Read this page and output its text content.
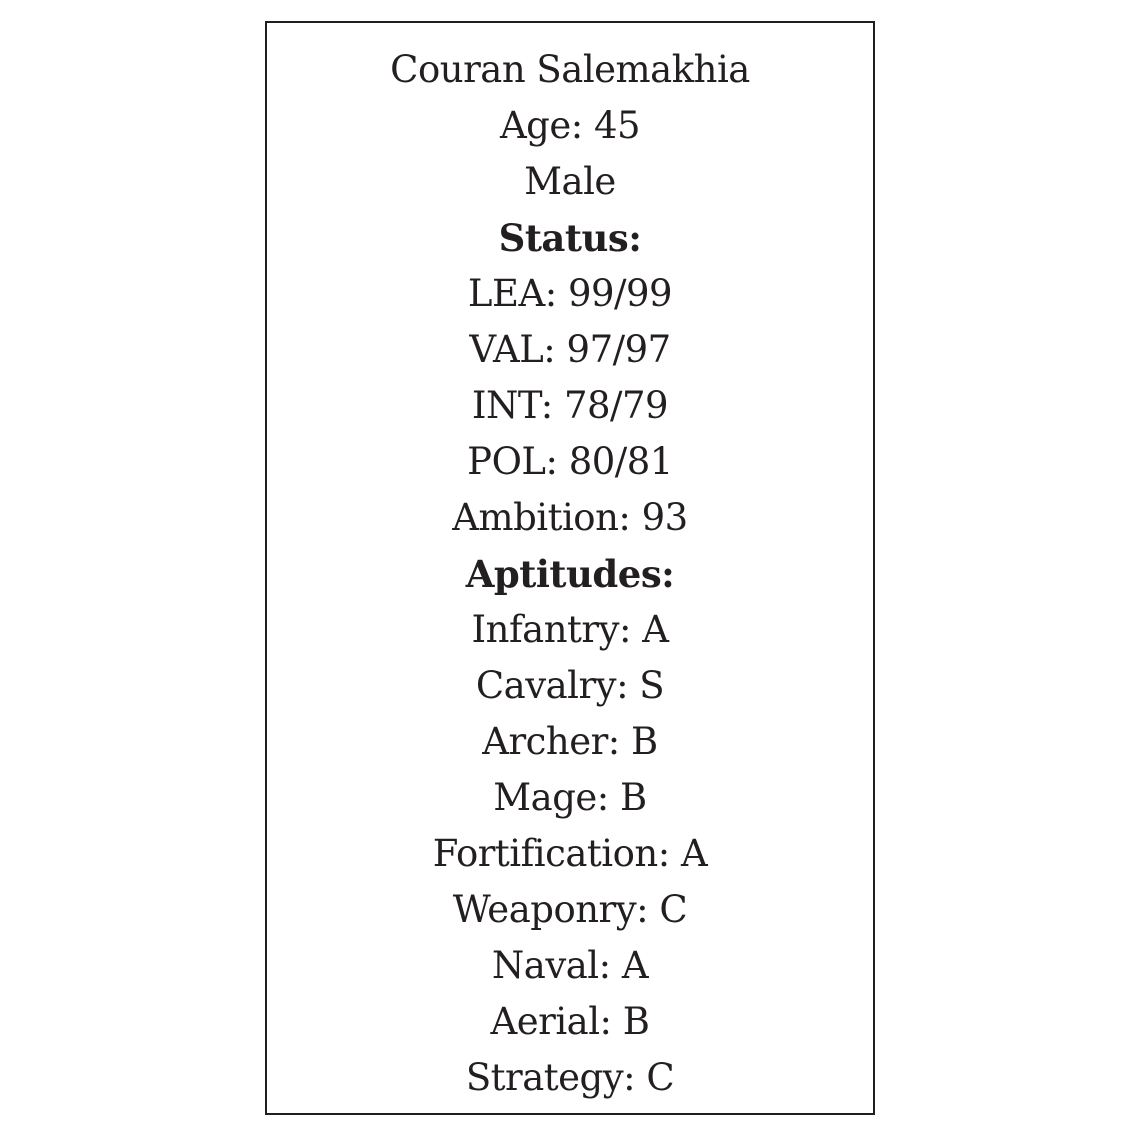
Couran Salemakhia
Age: 45
Male
Status:
LEA: 99/99
VAL: 97/97
INT: 78/79
POL: 80/81
Ambition: 93
Aptitudes:
Infantry: A
Cavalry: S
Archer: B
Mage: B
Fortification: A
Weaponry: C
Naval: A
Aerial: B
Strategy: C
